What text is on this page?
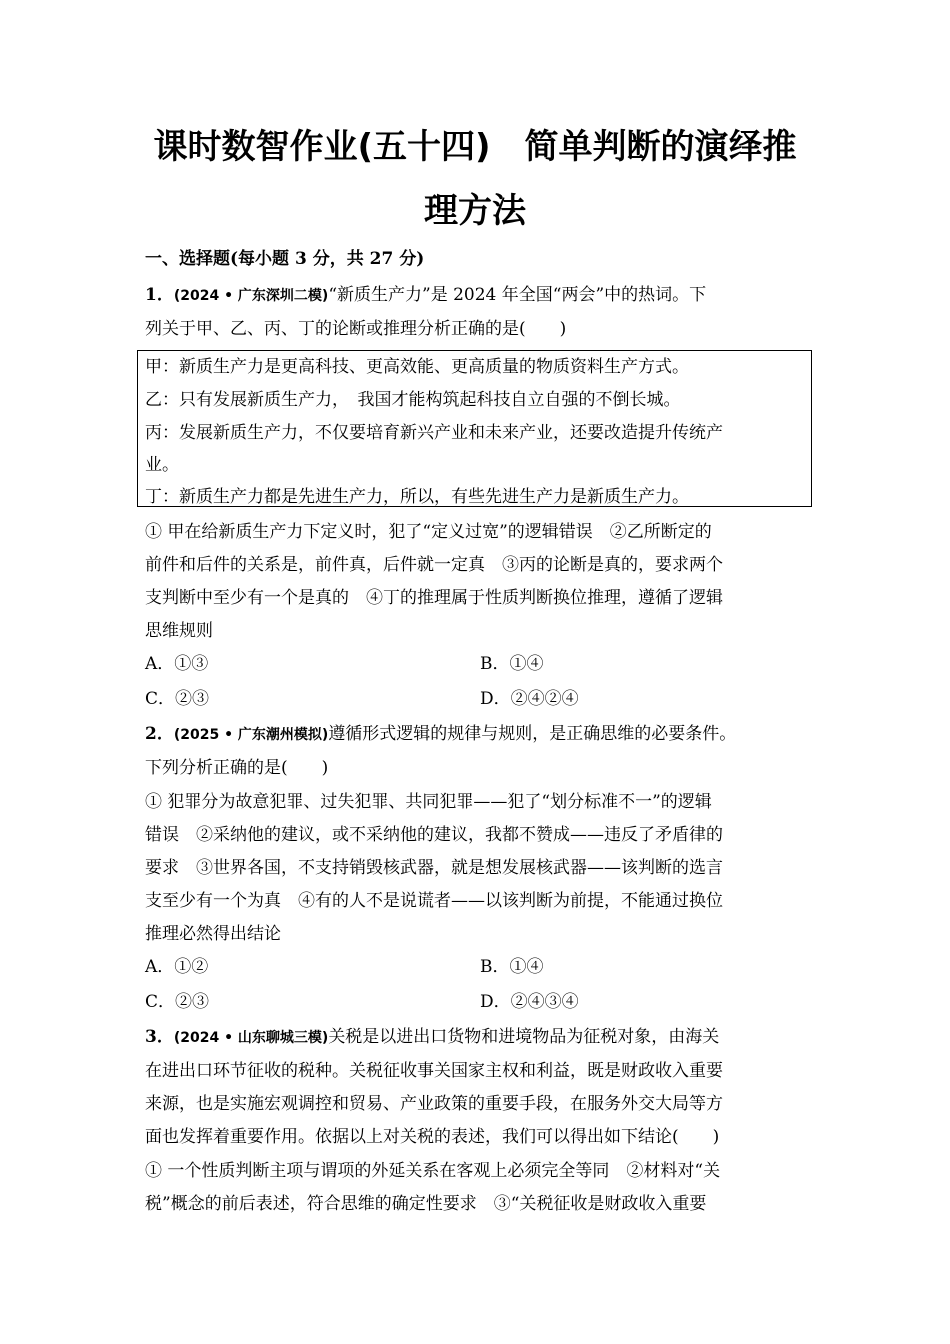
课时数智作业(五十四)　简单判断的演绎推
理方法
一、选择题(每小题 3 分，共 27 分)
1．(2024 • 广东深圳二模)“新质生产力”是 2024 年全国“两会”中的热词。下
列关于甲、乙、丙、丁的论断或推理分析正确的是(　　)
甲：新质生产力是更高科技、更高效能、更高质量的物质资料生产方式。
乙：只有发展新质生产力，　我国才能构筑起科技自立自强的不倒长城。
丙：发展新质生产力，不仅要培育新兴产业和未来产业，还要改造提升传统产
业。
丁：新质生产力都是先进生产力，所以，有些先进生产力是新质生产力。
① 甲在给新质生产力下定义时，犯了“定义过宽”的逻辑错误　②乙所断定的
前件和后件的关系是，前件真，后件就一定真　③丙的论断是真的，要求两个
支判断中至少有一个是真的　④丁的推理属于性质判断换位推理，遵循了逻辑
思维规则
A．①③	B．①④
C．②③	D．②④②④
2．(2025 • 广东潮州模拟)遵循形式逻辑的规律与规则，是正确思维的必要条件。
下列分析正确的是(　　)
① 犯罪分为故意犯罪、过失犯罪、共同犯罪——犯了“划分标准不一”的逻辑
错误　②采纳他的建议，或不采纳他的建议，我都不赞成——违反了矛盾律的
要求　③世界各国，不支持销毁核武器，就是想发展核武器——该判断的选言
支至少有一个为真　④有的人不是说谎者——以该判断为前提，不能通过换位
推理必然得出结论
A．①②	B．①④
C．②③	D．②④③④
3．(2024 • 山东聊城三模)关税是以进出口货物和进境物品为征税对象，由海关
在进出口环节征收的税种。关税征收事关国家主权和利益，既是财政收入重要
来源，也是实施宏观调控和贸易、产业政策的重要手段，在服务外交大局等方
面也发挥着重要作用。依据以上对关税的表述，我们可以得出如下结论(　　)
① 一个性质判断主项与谓项的外延关系在客观上必须完全等同　②材料对“关
税”概念的前后表述，符合思维的确定性要求　③“关税征收是财政收入重要
